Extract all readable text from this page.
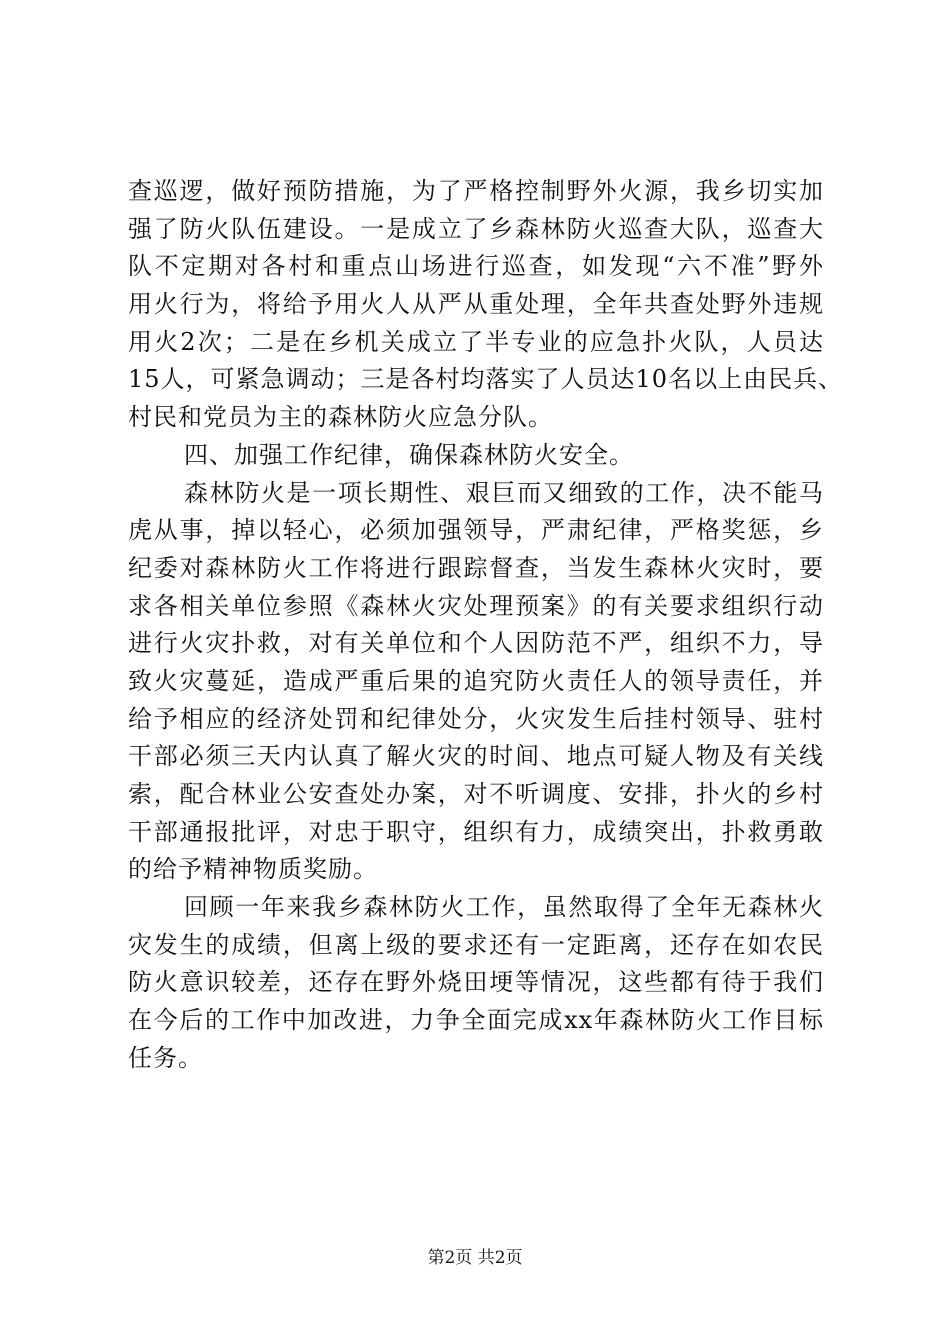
查巡逻，做好预防措施，为了严格控制野外火源，我乡切实加
强了防火队伍建设。一是成立了乡森林防火巡查大队，巡查大
队不定期对各村和重点山场进行巡查，如发现“六不准”野外
用火行为，将给予用火人从严从重处理，全年共查处野外违规
用火2次；二是在乡机关成立了半专业的应急扑火队，人员达
15人，可紧急调动；三是各村均落实了人员达10名以上由民兵、
村民和党员为主的森林防火应急分队。
四、加强工作纪律，确保森林防火安全。
森林防火是一项长期性、艰巨而又细致的工作，决不能马
虎从事，掉以轻心，必须加强领导，严肃纪律，严格奖惩，乡
纪委对森林防火工作将进行跟踪督查，当发生森林火灾时，要
求各相关单位参照《森林火灾处理预案》的有关要求组织行动
进行火灾扑救，对有关单位和个人因防范不严，组织不力，导
致火灾蔓延，造成严重后果的追究防火责任人的领导责任，并
给予相应的经济处罚和纪律处分，火灾发生后挂村领导、驻村
干部必须三天内认真了解火灾的时间、地点可疑人物及有关线
索，配合林业公安查处办案，对不听调度、安排，扑火的乡村
干部通报批评，对忠于职守，组织有力，成绩突出，扑救勇敢
的给予精神物质奖励。
回顾一年来我乡森林防火工作，虽然取得了全年无森林火
灾发生的成绩，但离上级的要求还有一定距离，还存在如农民
防火意识较差，还存在野外烧田埂等情况，这些都有待于我们
在今后的工作中加改进，力争全面完成xx年森林防火工作目标
任务。
第2页 共2页
